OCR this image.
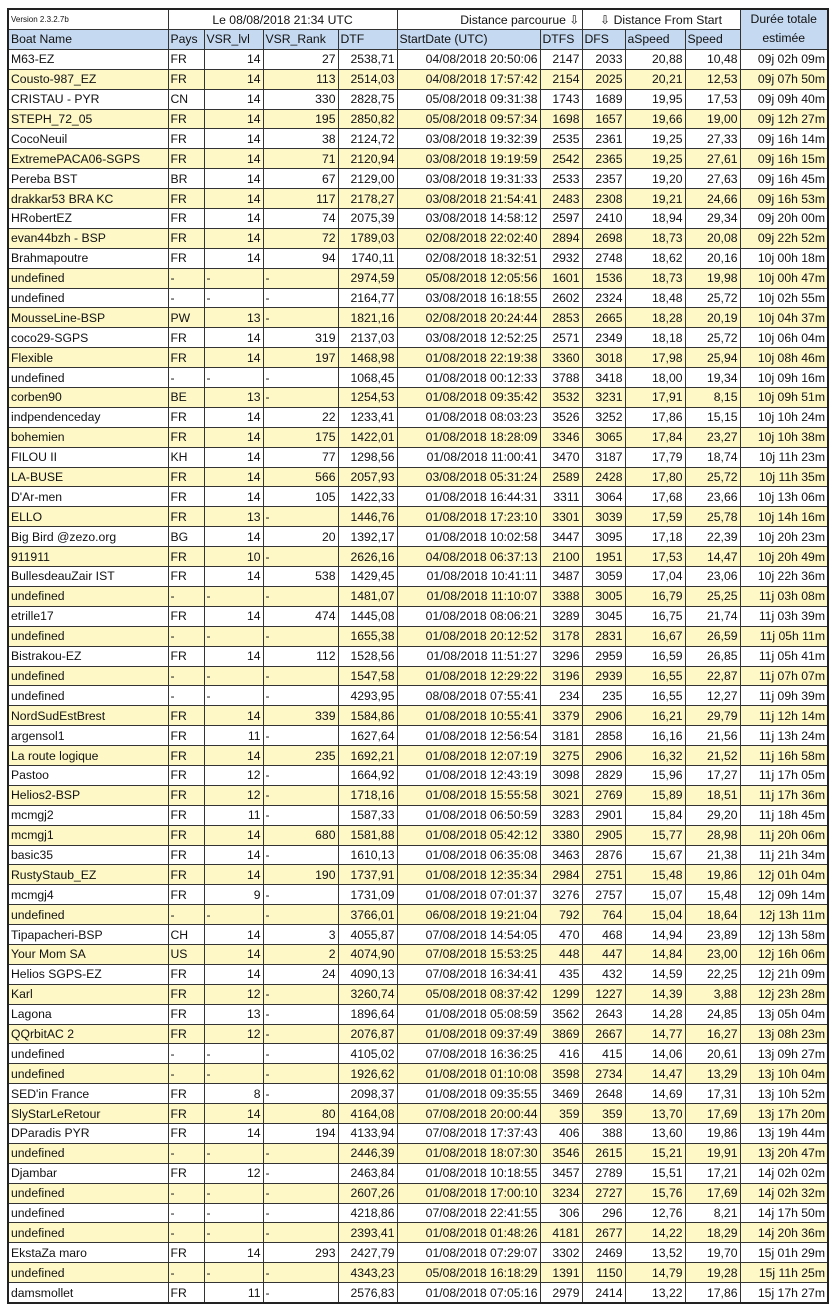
Version 2.3.2.7b	Le 08/08/2018 21:34 UTC				Distance parcourue ⇩		⇩ Distance From Start			Durée totale
estimée
Boat Name	Pays	VSR_lvl	VSR_Rank	DTF	StartDate (UTC)	DTFS	DFS	aSpeed	Speed	
M63-EZ	FR	14	27	2538,71	04/08/2018 20:50:06	2147	2033	20,88	10,48	09j 02h 09m
Cousto-987_EZ	FR	14	113	2514,03	04/08/2018 17:57:42	2154	2025	20,21	12,53	09j 07h 50m
CRISTAU - PYR	CN	14	330	2828,75	05/08/2018 09:31:38	1743	1689	19,95	17,53	09j 09h 40m
STEPH_72_05	FR	14	195	2850,82	05/08/2018 09:57:34	1698	1657	19,66	19,00	09j 12h 27m
CocoNeuil	FR	14	38	2124,72	03/08/2018 19:32:39	2535	2361	19,25	27,33	09j 16h 14m
ExtremePACA06-SGPS	FR	14	71	2120,94	03/08/2018 19:19:59	2542	2365	19,25	27,61	09j 16h 15m
Pereba BST	BR	14	67	2129,00	03/08/2018 19:31:33	2533	2357	19,20	27,63	09j 16h 45m
drakkar53 BRA KC	FR	14	117	2178,27	03/08/2018 21:54:41	2483	2308	19,21	24,66	09j 16h 53m
HRobertEZ	FR	14	74	2075,39	03/08/2018 14:58:12	2597	2410	18,94	29,34	09j 20h 00m
evan44bzh - BSP	FR	14	72	1789,03	02/08/2018 22:02:40	2894	2698	18,73	20,08	09j 22h 52m
Brahmapoutre	FR	14	94	1740,11	02/08/2018 18:32:51	2932	2748	18,62	20,16	10j 00h 18m
undefined	-	-	-	2974,59	05/08/2018 12:05:56	1601	1536	18,73	19,98	10j 00h 47m
undefined	-	-	-	2164,77	03/08/2018 16:18:55	2602	2324	18,48	25,72	10j 02h 55m
MousseLine-BSP	PW	13	-	1821,16	02/08/2018 20:24:44	2853	2665	18,28	20,19	10j 04h 37m
coco29-SGPS	FR	14	319	2137,03	03/08/2018 12:52:25	2571	2349	18,18	25,72	10j 06h 04m
Flexible	FR	14	197	1468,98	01/08/2018 22:19:38	3360	3018	17,98	25,94	10j 08h 46m
undefined	-	-	-	1068,45	01/08/2018 00:12:33	3788	3418	18,00	19,34	10j 09h 16m
corben90	BE	13	-	1254,53	01/08/2018 09:35:42	3532	3231	17,91	8,15	10j 09h 51m
indpendenceday	FR	14	22	1233,41	01/08/2018 08:03:23	3526	3252	17,86	15,15	10j 10h 24m
bohemien	FR	14	175	1422,01	01/08/2018 18:28:09	3346	3065	17,84	23,27	10j 10h 38m
FILOU II	KH	14	77	1298,56	01/08/2018 11:00:41	3470	3187	17,79	18,74	10j 11h 23m
LA-BUSE	FR	14	566	2057,93	03/08/2018 05:31:24	2589	2428	17,80	25,72	10j 11h 35m
D'Ar-men	FR	14	105	1422,33	01/08/2018 16:44:31	3311	3064	17,68	23,66	10j 13h 06m
ELLO	FR	13	-	1446,76	01/08/2018 17:23:10	3301	3039	17,59	25,78	10j 14h 16m
Big Bird @zezo.org	BG	14	20	1392,17	01/08/2018 10:02:58	3447	3095	17,18	22,39	10j 20h 23m
911911	FR	10	-	2626,16	04/08/2018 06:37:13	2100	1951	17,53	14,47	10j 20h 49m
BullesdeauZair IST	FR	14	538	1429,45	01/08/2018 10:41:11	3487	3059	17,04	23,06	10j 22h 36m
undefined	-	-	-	1481,07	01/08/2018 11:10:07	3388	3005	16,79	25,25	11j 03h 08m
etrille17	FR	14	474	1445,08	01/08/2018 08:06:21	3289	3045	16,75	21,74	11j 03h 39m
undefined	-	-	-	1655,38	01/08/2018 20:12:52	3178	2831	16,67	26,59	11j 05h 11m
Bistrakou-EZ	FR	14	112	1528,56	01/08/2018 11:51:27	3296	2959	16,59	26,85	11j 05h 41m
undefined	-	-	-	1547,58	01/08/2018 12:29:22	3196	2939	16,55	22,87	11j 07h 07m
undefined	-	-	-	4293,95	08/08/2018 07:55:41	234	235	16,55	12,27	11j 09h 39m
NordSudEstBrest	FR	14	339	1584,86	01/08/2018 10:55:41	3379	2906	16,21	29,79	11j 12h 14m
argensol1	FR	11	-	1627,64	01/08/2018 12:56:54	3181	2858	16,16	21,56	11j 13h 24m
La route logique	FR	14	235	1692,21	01/08/2018 12:07:19	3275	2906	16,32	21,52	11j 16h 58m
Pastoo	FR	12	-	1664,92	01/08/2018 12:43:19	3098	2829	15,96	17,27	11j 17h 05m
Helios2-BSP	FR	12	-	1718,16	01/08/2018 15:55:58	3021	2769	15,89	18,51	11j 17h 36m
mcmgj2	FR	11	-	1587,33	01/08/2018 06:50:59	3283	2901	15,84	29,20	11j 18h 45m
mcmgj1	FR	14	680	1581,88	01/08/2018 05:42:12	3380	2905	15,77	28,98	11j 20h 06m
basic35	FR	14	-	1610,13	01/08/2018 06:35:08	3463	2876	15,67	21,38	11j 21h 34m
RustyStaub_EZ	FR	14	190	1737,91	01/08/2018 12:35:34	2984	2751	15,48	19,86	12j 01h 04m
mcmgj4	FR	9	-	1731,09	01/08/2018 07:01:37	3276	2757	15,07	15,48	12j 09h 14m
undefined	-	-	-	3766,01	06/08/2018 19:21:04	792	764	15,04	18,64	12j 13h 11m
Tipapacheri-BSP	CH	14	3	4055,87	07/08/2018 14:54:05	470	468	14,94	23,89	12j 13h 58m
Your Mom SA	US	14	2	4074,90	07/08/2018 15:53:25	448	447	14,84	23,00	12j 16h 06m
Helios SGPS-EZ	FR	14	24	4090,13	07/08/2018 16:34:41	435	432	14,59	22,25	12j 21h 09m
Karl	FR	12	-	3260,74	05/08/2018 08:37:42	1299	1227	14,39	3,88	12j 23h 28m
Lagona	FR	13	-	1896,64	01/08/2018 05:08:59	3562	2643	14,28	24,85	13j 05h 04m
QQrbitAC 2	FR	12	-	2076,87	01/08/2018 09:37:49	3869	2667	14,77	16,27	13j 08h 23m
undefined	-	-	-	4105,02	07/08/2018 16:36:25	416	415	14,06	20,61	13j 09h 27m
undefined	-	-	-	1926,62	01/08/2018 01:10:08	3598	2734	14,47	13,29	13j 10h 04m
SED'in France	FR	8	-	2098,37	01/08/2018 09:35:55	3469	2648	14,69	17,31	13j 10h 52m
SlyStarLeRetour	FR	14	80	4164,08	07/08/2018 20:00:44	359	359	13,70	17,69	13j 17h 20m
DParadis PYR	FR	14	194	4133,94	07/08/2018 17:37:43	406	388	13,60	19,86	13j 19h 44m
undefined	-	-	-	2446,39	01/08/2018 18:07:30	3546	2615	15,21	19,91	13j 20h 47m
Djambar	FR	12	-	2463,84	01/08/2018 10:18:55	3457	2789	15,51	17,21	14j 02h 02m
undefined	-	-	-	2607,26	01/08/2018 17:00:10	3234	2727	15,76	17,69	14j 02h 32m
undefined	-	-	-	4218,86	07/08/2018 22:41:55	306	296	12,76	8,21	14j 17h 50m
undefined	-	-	-	2393,41	01/08/2018 01:48:26	4181	2677	14,22	18,29	14j 20h 36m
EkstaZa maro	FR	14	293	2427,79	01/08/2018 07:29:07	3302	2469	13,52	19,70	15j 01h 29m
undefined	-	-	-	4343,23	05/08/2018 16:18:29	1391	1150	14,79	19,28	15j 11h 25m
damsmollet	FR	11	-	2576,83	01/08/2018 07:05:16	2979	2414	13,22	17,86	15j 17h 27m
